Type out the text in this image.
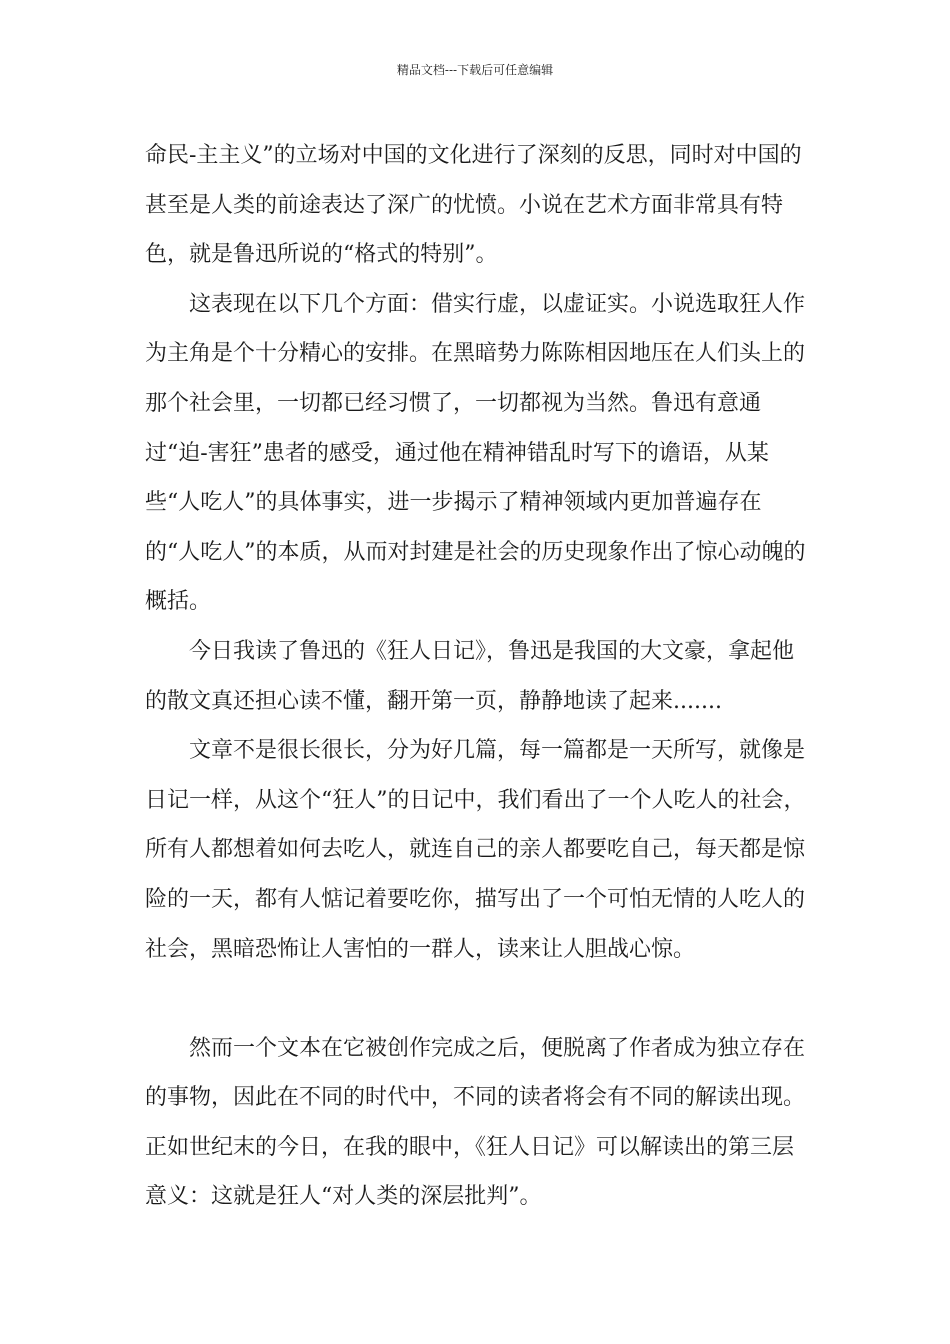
精品文档---下载后可任意编辑

命民-主主义”的立场对中国的文化进行了深刻的反思，同时对中国的甚至是人类的前途表达了深广的忧愤。小说在艺术方面非常具有特色，就是鲁迅所说的“格式的特别”。

这表现在以下几个方面：借实行虚，以虚证实。小说选取狂人作为主角是个十分精心的安排。在黑暗势力陈陈相因地压在人们头上的那个社会里，一切都已经习惯了，一切都视为当然。鲁迅有意通过“迫-害狂”患者的感受，通过他在精神错乱时写下的谵语，从某些“人吃人”的具体事实，进一步揭示了精神领域内更加普遍存在的“人吃人”的本质，从而对封建是社会的历史现象作出了惊心动魄的概括。

今日我读了鲁迅的《狂人日记》，鲁迅是我国的大文豪，拿起他的散文真还担心读不懂，翻开第一页，静静地读了起来.......

文章不是很长很长，分为好几篇，每一篇都是一天所写，就像是日记一样，从这个“狂人”的日记中，我们看出了一个人吃人的社会，所有人都想着如何去吃人，就连自己的亲人都要吃自己，每天都是惊险的一天，都有人惦记着要吃你，描写出了一个可怕无情的人吃人的社会，黑暗恐怖让人害怕的一群人，读来让人胆战心惊。

然而一个文本在它被创作完成之后，便脱离了作者成为独立存在的事物，因此在不同的时代中，不同的读者将会有不同的解读出现。正如世纪末的今日，在我的眼中，《狂人日记》可以解读出的第三层意义：这就是狂人“对人类的深层批判”。
